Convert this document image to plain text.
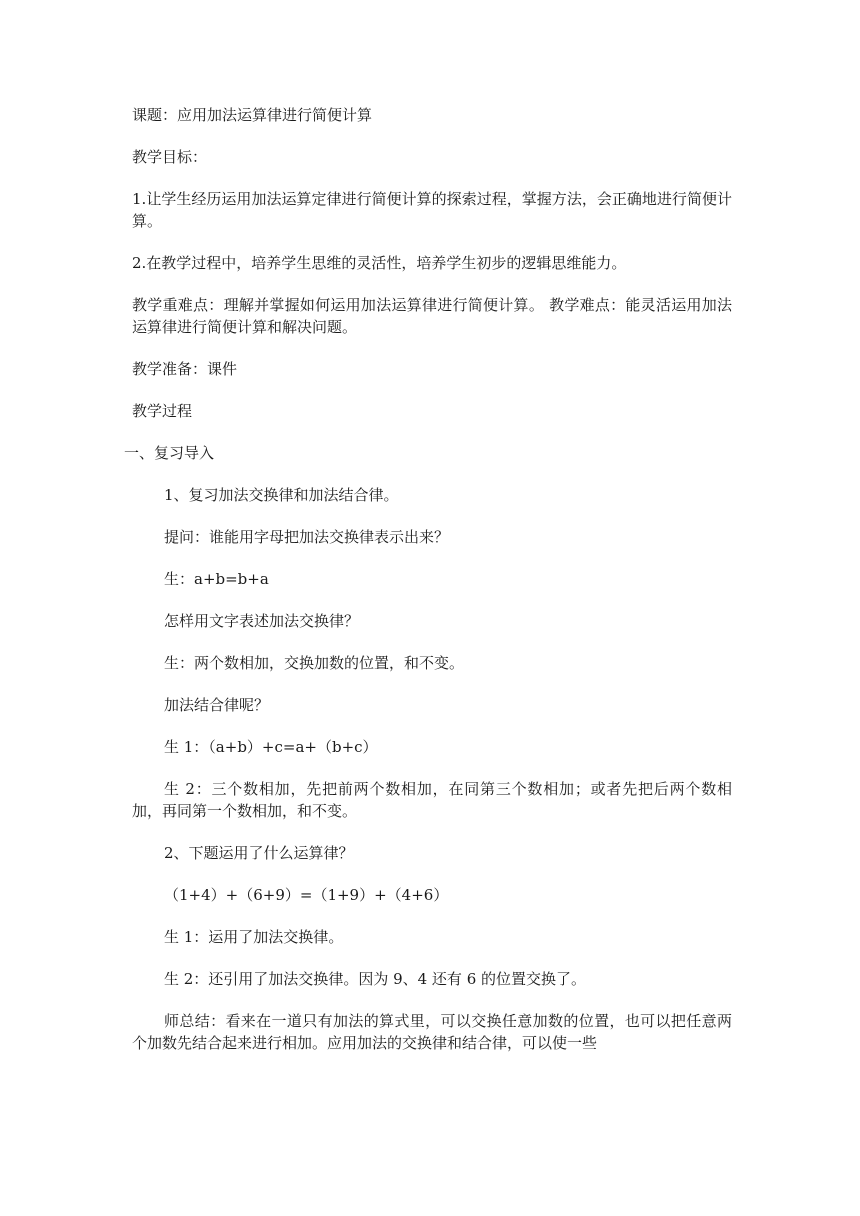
课题：应用加法运算律进行简便计算

教学目标：

1.让学生经历运用加法运算定律进行简便计算的探索过程，掌握方法，会正确地进行简便计算。

2.在教学过程中，培养学生思维的灵活性，培养学生初步的逻辑思维能力。

教学重难点：理解并掌握如何运用加法运算律进行简便计算。 教学难点：能灵活运用加法运算律进行简便计算和解决问题。

教学准备：课件

教学过程

一、复习导入

1、复习加法交换律和加法结合律。

提问：谁能用字母把加法交换律表示出来？

生：a+b=b+a

怎样用文字表述加法交换律？

生：两个数相加，交换加数的位置，和不变。

加法结合律呢？

生 1：（a+b）+c=a+（b+c）

生 2：三个数相加，先把前两个数相加，在同第三个数相加；或者先把后两个数相加，再同第一个数相加，和不变。

2、下题运用了什么运算律？

（1+4）+（6+9）=（1+9）+（4+6）

生 1：运用了加法交换律。

生 2：还引用了加法交换律。因为 9、4 还有 6 的位置交换了。

师总结：看来在一道只有加法的算式里，可以交换任意加数的位置，也可以把任意两个加数先结合起来进行相加。应用加法的交换律和结合律，可以使一些
